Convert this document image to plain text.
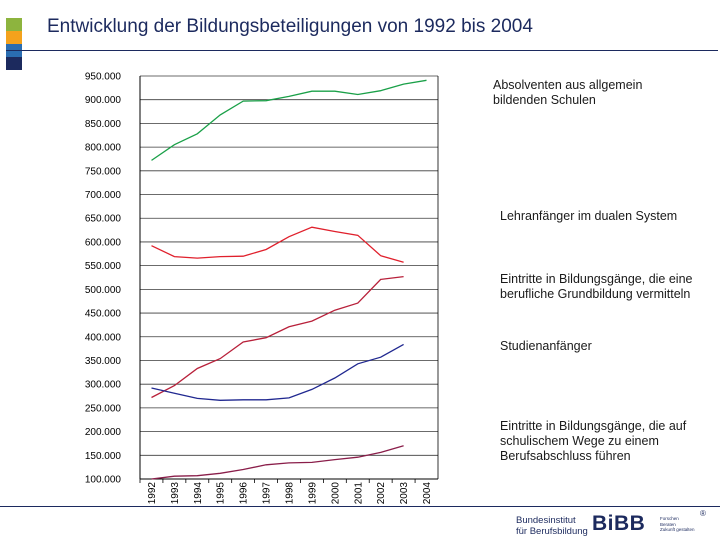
Entwicklung der Bildungsbeteiligungen von 1992 bis 2004
100.000
150.000
200.000
250.000
300.000
350.000
400.000
450.000
500.000
550.000
600.000
650.000
700.000
750.000
800.000
850.000
900.000
950.000
1992 1993 1994 1995 1996 1997 1998 1999 2000 2001 2002 2003 2004
Absolventen aus allgemein bildenden Schulen
Lehranfänger im dualen System
Eintritte in Bildungsgänge, die eine berufliche Grundbildung vermitteln
Studienanfänger
Eintritte in Bildungsgänge, die auf schulischem Wege zu einem Berufsabschluss führen
Bundesinstitut
für Berufsbildung BiBB	Forschen
Beraten
Zukunft gestalten
®
